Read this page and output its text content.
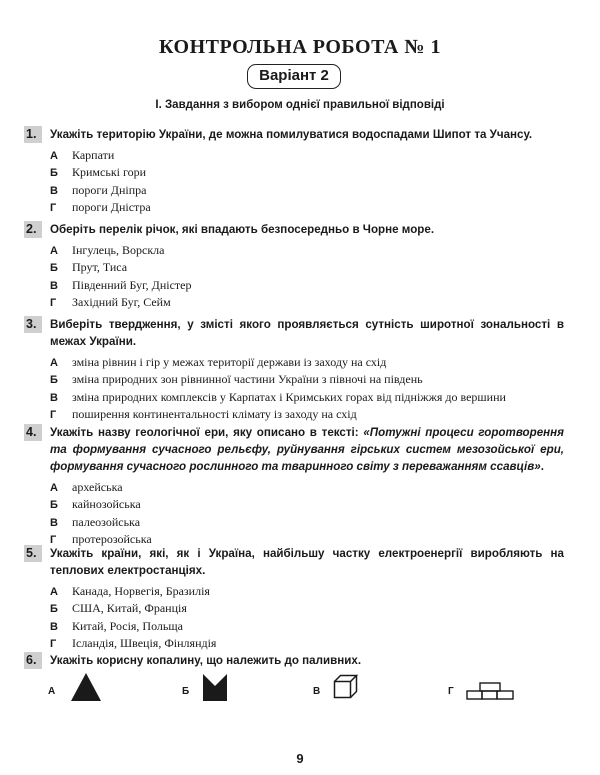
КОНТРОЛЬНА РОБОТА № 1
Варіант 2
І. Завдання з вибором однієї правильної відповіді
1.	Укажіть територію України, де можна помилуватися водоспадами Шипот та Учансу.
А Карпати
Б Кримські гори
В пороги Дніпра
Г пороги Дністра
2.	Оберіть перелік річок, які впадають безпосередньо в Чорне море.
А Інгулець, Ворскла
Б Прут, Тиса
В Південний Буг, Дністер
Г Західний Буг, Сейм
3.	Виберіть твердження, у змісті якого проявляється сутність широтної зональності в межах України.
А зміна рівнин і гір у межах території держави із заходу на схід
Б зміна природних зон рівнинної частини України з півночі на південь
В зміна природних комплексів у Карпатах і Кримських горах від підніжжя до вершини
Г поширення континентальності клімату із заходу на схід
4.	Укажіть назву геологічної ери, яку описано в тексті: «Потужні процеси горотворення та формування сучасного рельєфу, руйнування гірських систем мезозойської ери, формування сучасного рослинного та тваринного світу з переважанням ссавців».
А архейська
Б кайнозойська
В палеозойська
Г протерозойська
5.	Укажіть країни, які, як і Україна, найбільшу частку електроенергії виробляють на теплових електростанціях.
А Канада, Норвегія, Бразилія
Б США, Китай, Франція
В Китай, Росія, Польща
Г Ісландія, Швеція, Фінляндія
6.	Укажіть корисну копалину, що належить до паливних.
А	Б	В	Г
9
